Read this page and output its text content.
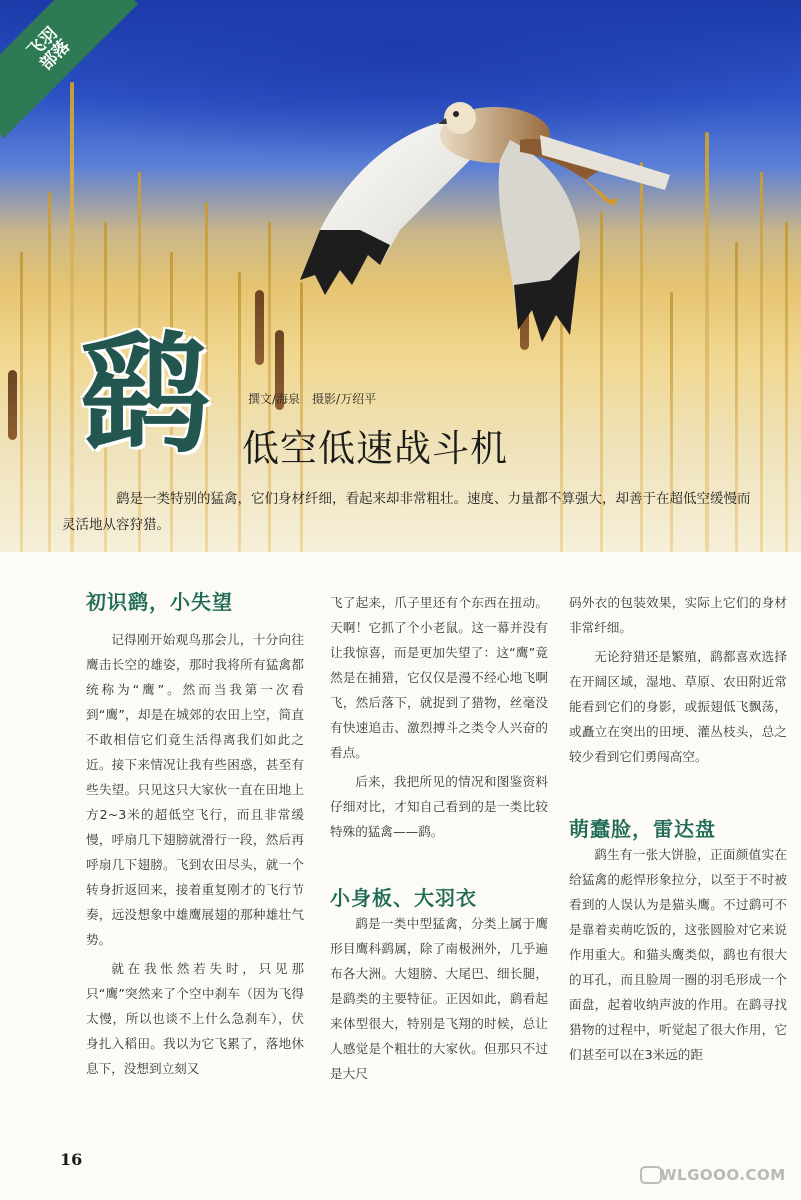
飞羽
部落
鹞	撰文/海泉　摄影/万绍平
低空低速战斗机
鹞是一类特别的猛禽，它们身材纤细，看起来却非常粗壮。速度、力量都不算强大，却善于在超低空缓慢而灵活地从容狩猎。
初识鹞，小失望

记得刚开始观鸟那会儿，十分向往鹰击长空的雄姿，那时我将所有猛禽都统称为“鹰”。然而当我第一次看到“鹰”，却是在城郊的农田上空，简直不敢相信它们竟生活得离我们如此之近。接下来情况让我有些困惑，甚至有些失望。只见这只大家伙一直在田地上方2~3米的超低空飞行，而且非常缓慢，呼扇几下翅膀就滑行一段，然后再呼扇几下翅膀。飞到农田尽头，就一个转身折返回来，接着重复刚才的飞行节奏，远没想象中雄鹰展翅的那种雄壮气势。

就在我怅然若失时，只见那只“鹰”突然来了个空中刹车（因为飞得太慢，所以也谈不上什么急刹车），伏身扎入稻田。我以为它飞累了，落地休息下，没想到立刻又

飞了起来，爪子里还有个东西在扭动。天啊！它抓了个小老鼠。这一幕并没有让我惊喜，而是更加失望了：这“鹰”竟然是在捕猎，它仅仅是漫不经心地飞啊飞，然后落下，就捉到了猎物，丝毫没有快速追击、激烈搏斗之类令人兴奋的看点。

后来，我把所见的情况和图鉴资料仔细对比，才知自己看到的是一类比较特殊的猛禽——鹞。

小身板、大羽衣

鹞是一类中型猛禽，分类上属于鹰形目鹰科鹞属，除了南极洲外，几乎遍布各大洲。大翅膀、大尾巴、细长腿，是鹞类的主要特征。正因如此，鹞看起来体型很大，特别是飞翔的时候，总让人感觉是个粗壮的大家伙。但那只不过是大尺

码外衣的包装效果，实际上它们的身材非常纤细。

无论狩猎还是繁殖，鹞都喜欢选择在开阔区域，湿地、草原、农田附近常能看到它们的身影，或振翅低飞飘荡，或矗立在突出的田埂、灌丛枝头，总之较少看到它们勇闯高空。

萌蠢脸，雷达盘

鹞生有一张大饼脸，正面颜值实在给猛禽的彪悍形象拉分，以至于不时被看到的人误认为是猫头鹰。不过鹞可不是靠着卖萌吃饭的，这张圆脸对它来说作用重大。和猫头鹰类似，鹞也有很大的耳孔，而且脸周一圈的羽毛形成一个面盘，起着收纳声波的作用。在鹞寻找猎物的过程中，听觉起了很大作用，它们甚至可以在3米远的距

16
WLGOOO.COM
